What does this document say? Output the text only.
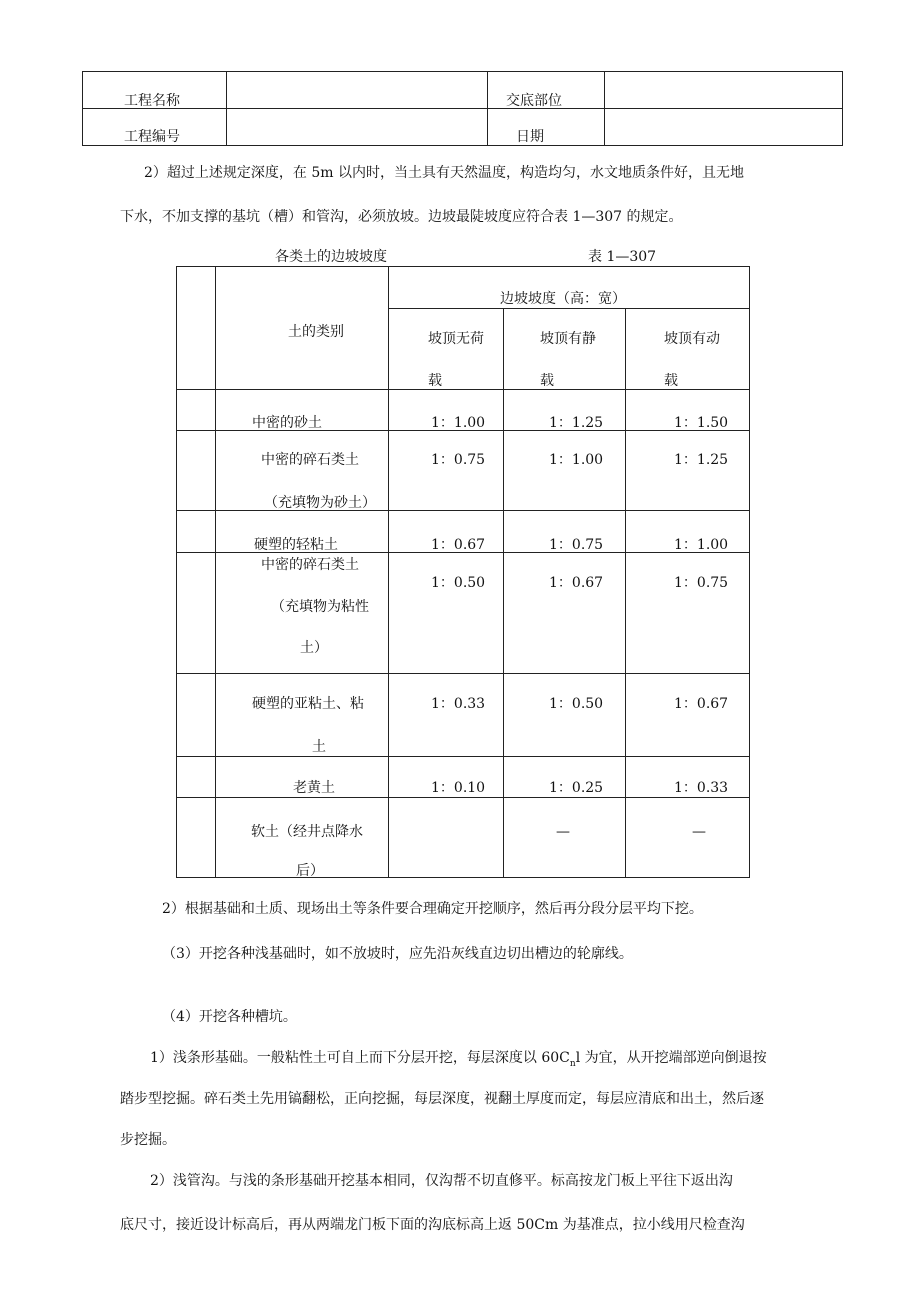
工程名称		交底部位	

工程编号		日期	

2）超过上述规定深度，在 5m 以内时，当土具有天然温度，构造均匀，水文地质条件好，且无地
下水，不加支撑的基坑（槽）和管沟，必须放坡。边坡最陡坡度应符合表 1—307 的规定。
各类土的边坡坡度	表 1—307

	土的类别	边坡坡度（高：宽）		

		坡顶无荷
载	坡顶有静
载	坡顶有动
载

	中密的砂土	1：1.00	1：1.25	1：1.50

	中密的碎石类土
（充填物为砂土）	1：0.75	1：1.00	1：1.25

	硬塑的轻粘土	1：0.67	1：0.75	1：1.00

	中密的碎石类土
（充填物为粘性
土）	1：0.50	1：0.67	1：0.75

	硬塑的亚粘土、粘
土	1：0.33	1：0.50	1：0.67

	老黄土	1：0.10	1：0.25	1：0.33

	软土（经井点降水
后）		—	—
2）根据基础和土质、现场出土等条件要合理确定开挖顺序，然后再分段分层平均下挖。
（3）开挖各种浅基础时，如不放坡时，应先沿灰线直边切出槽边的轮廓线。
（4）开挖各种槽坑。
1）浅条形基础。一般粘性土可自上而下分层开挖，每层深度以 $60C_nl$ 为宜，从开挖端部逆向倒退按
踏步型挖掘。碎石类土先用镐翻松，正向挖掘，每层深度，视翻土厚度而定，每层应清底和出土，然后逐
步挖掘。
2）浅管沟。与浅的条形基础开挖基本相同，仅沟帮不切直修平。标高按龙门板上平往下返出沟
底尺寸，接近设计标高后，再从两端龙门板下面的沟底标高上返 50Cm 为基准点，拉小线用尺检查沟
